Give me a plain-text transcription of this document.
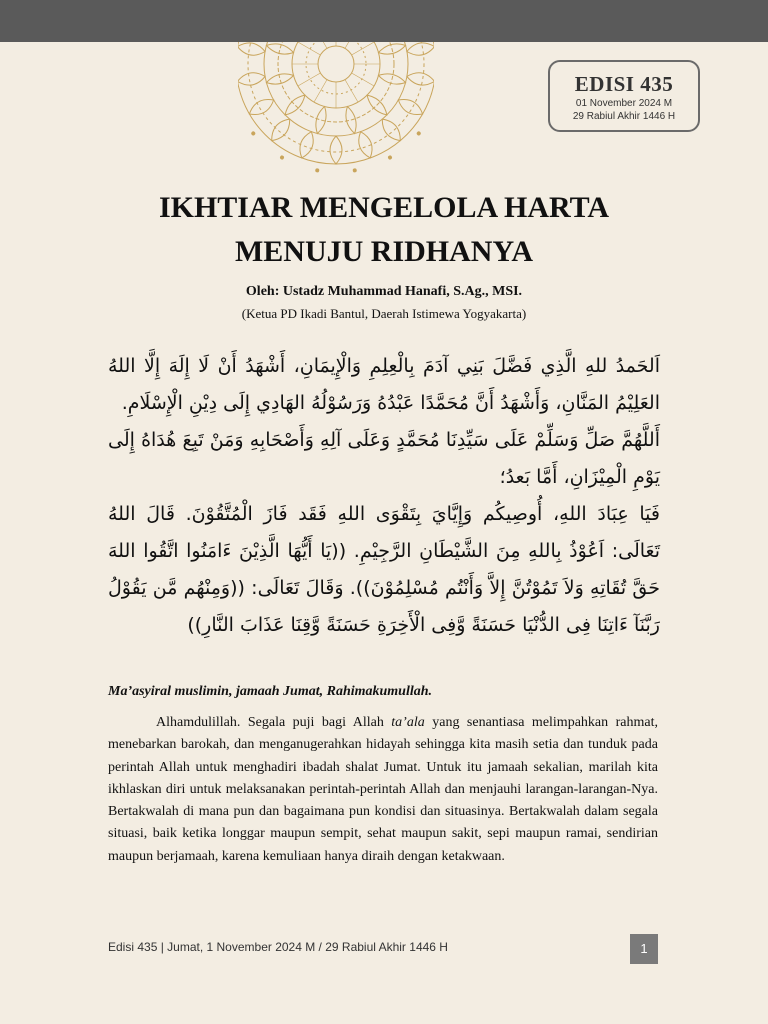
EDISI 435
01 November 2024 M
29 Rabiul Akhir 1446 H
IKHTIAR MENGELOLA HARTA
MENUJU RIDHANYA
Oleh: Ustadz Muhammad Hanafi, S.Ag., MSI.
(Ketua PD Ikadi Bantul, Daerah Istimewa Yogyakarta)

اَلحَمدُ للهِ الَّذِي فَضَّلَ بَنِي آدَمَ بِالْعِلِمِ وَالْإِيمَانِ، أَشْهَدُ أَنْ لَا إِلَهَ إِلَّا اللهُ العَلِيْمُ المَنَّانِ، وَأَشْهَدُ أَنَّ مُحَمَّدًا عَبْدُهُ وَرَسُوْلُهُ الهَادِي إِلَى دِيْنِ الْإِسْلَامِ.

أَللَّهُمَّ صَلِّ وَسَلِّمْ عَلَى سَيِّدِنَا مُحَمَّدٍ وَعَلَى آلِهِ وَأَصْحَابِهِ وَمَنْ تَبِعَ هُدَاهُ إِلَى يَوْمِ الْمِيْزَانِ، أَمَّا بَعدُ؛

فَيَا عِبَادَ اللهِ، أُوصِيكُم وَإِيَّايَ بِتَقْوَى اللهِ فَقَد فَازَ الْمُتَّقُوْنَ. قَالَ اللهُ تَعَالَى: اَعُوْذُ بِاللهِ مِنَ الشَّيْطَانِ الرَّجِيْمِ. ((يَا أَيُّهَا الَّذِيْنَ ءَامَنُوا اتَّقُوا اللهَ حَقَّ تُقَاتِهِ وَلاَ تَمُوْتُنَّ إِلاَّ وَأَنْتُم مُسْلِمُوْنَ)). وَقَالَ تَعَالَى: ((وَمِنْهُم مَّن يَقُوْلُ رَبَّنَآ ءَاتِنَا فِى الدُّنْيَا حَسَنَةً وَّفِى الْأَخِرَةِ حَسَنَةً وَّقِنَا عَذَابَ النَّارِ))

Ma’asyiral muslimin, jamaah Jumat, Rahimakumullah.

Alhamdulillah. Segala puji bagi Allah ta’ala yang senantiasa melimpahkan rahmat, menebarkan barokah, dan menganugerahkan hidayah sehingga kita masih setia dan tunduk pada perintah Allah untuk menghadiri ibadah shalat Jumat. Untuk itu jamaah sekalian, marilah kita ikhlaskan diri untuk melaksanakan perintah-perintah Allah dan menjauhi larangan-larangan-Nya. Bertakwalah di mana pun dan bagaimana pun kondisi dan situasinya. Bertakwalah dalam segala situasi, baik ketika longgar maupun sempit, sehat maupun sakit, sepi maupun ramai, sendirian maupun berjamaah, karena kemuliaan hanya diraih dengan ketakwaan.

Edisi 435 | Jumat, 1 November 2024 M / 29 Rabiul Akhir 1446 H	1
